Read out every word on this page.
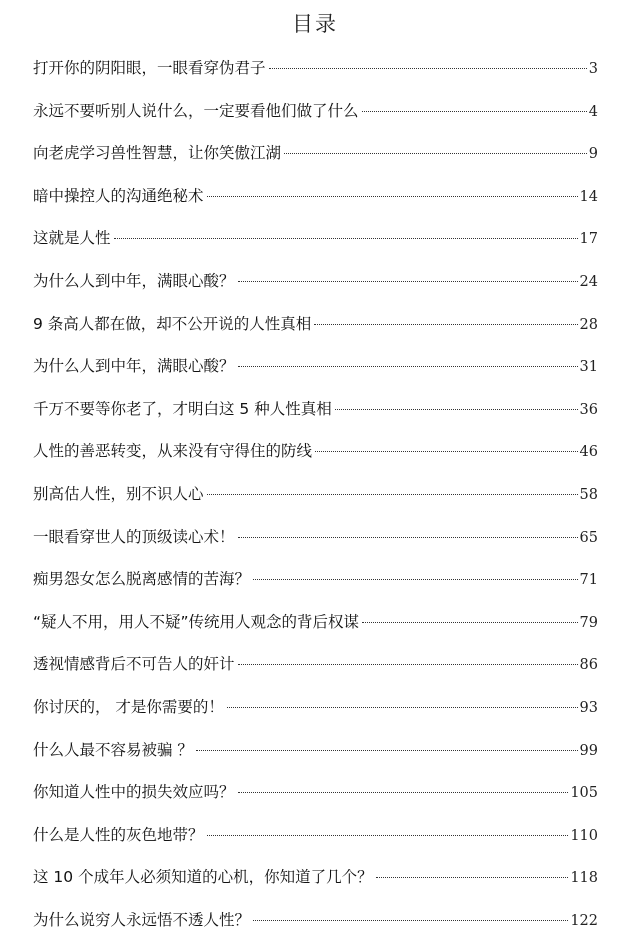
目录
打开你的阴阳眼，一眼看穿伪君子	3
永远不要听别人说什么，一定要看他们做了什么	4
向老虎学习兽性智慧，让你笑傲江湖	9
暗中操控人的沟通绝秘术	14
这就是人性	17
为什么人到中年，满眼心酸？	24
9 条高人都在做，却不公开说的人性真相	28
为什么人到中年，满眼心酸？	31
千万不要等你老了，才明白这 5 种人性真相	36
人性的善恶转变，从来没有守得住的防线	46
别高估人性，别不识人心	58
一眼看穿世人的顶级读心术！	65
痴男怨女怎么脱离感情的苦海？	71
“疑人不用，用人不疑”传统用人观念的背后权谋	79
透视情感背后不可告人的奸计	86
你讨厌的， 才是你需要的！	93
什么人最不容易被骗 ？	99
你知道人性中的损失效应吗？	105
什么是人性的灰色地带？	110
这 10 个成年人必须知道的心机，你知道了几个？	118
为什么说穷人永远悟不透人性？	122
